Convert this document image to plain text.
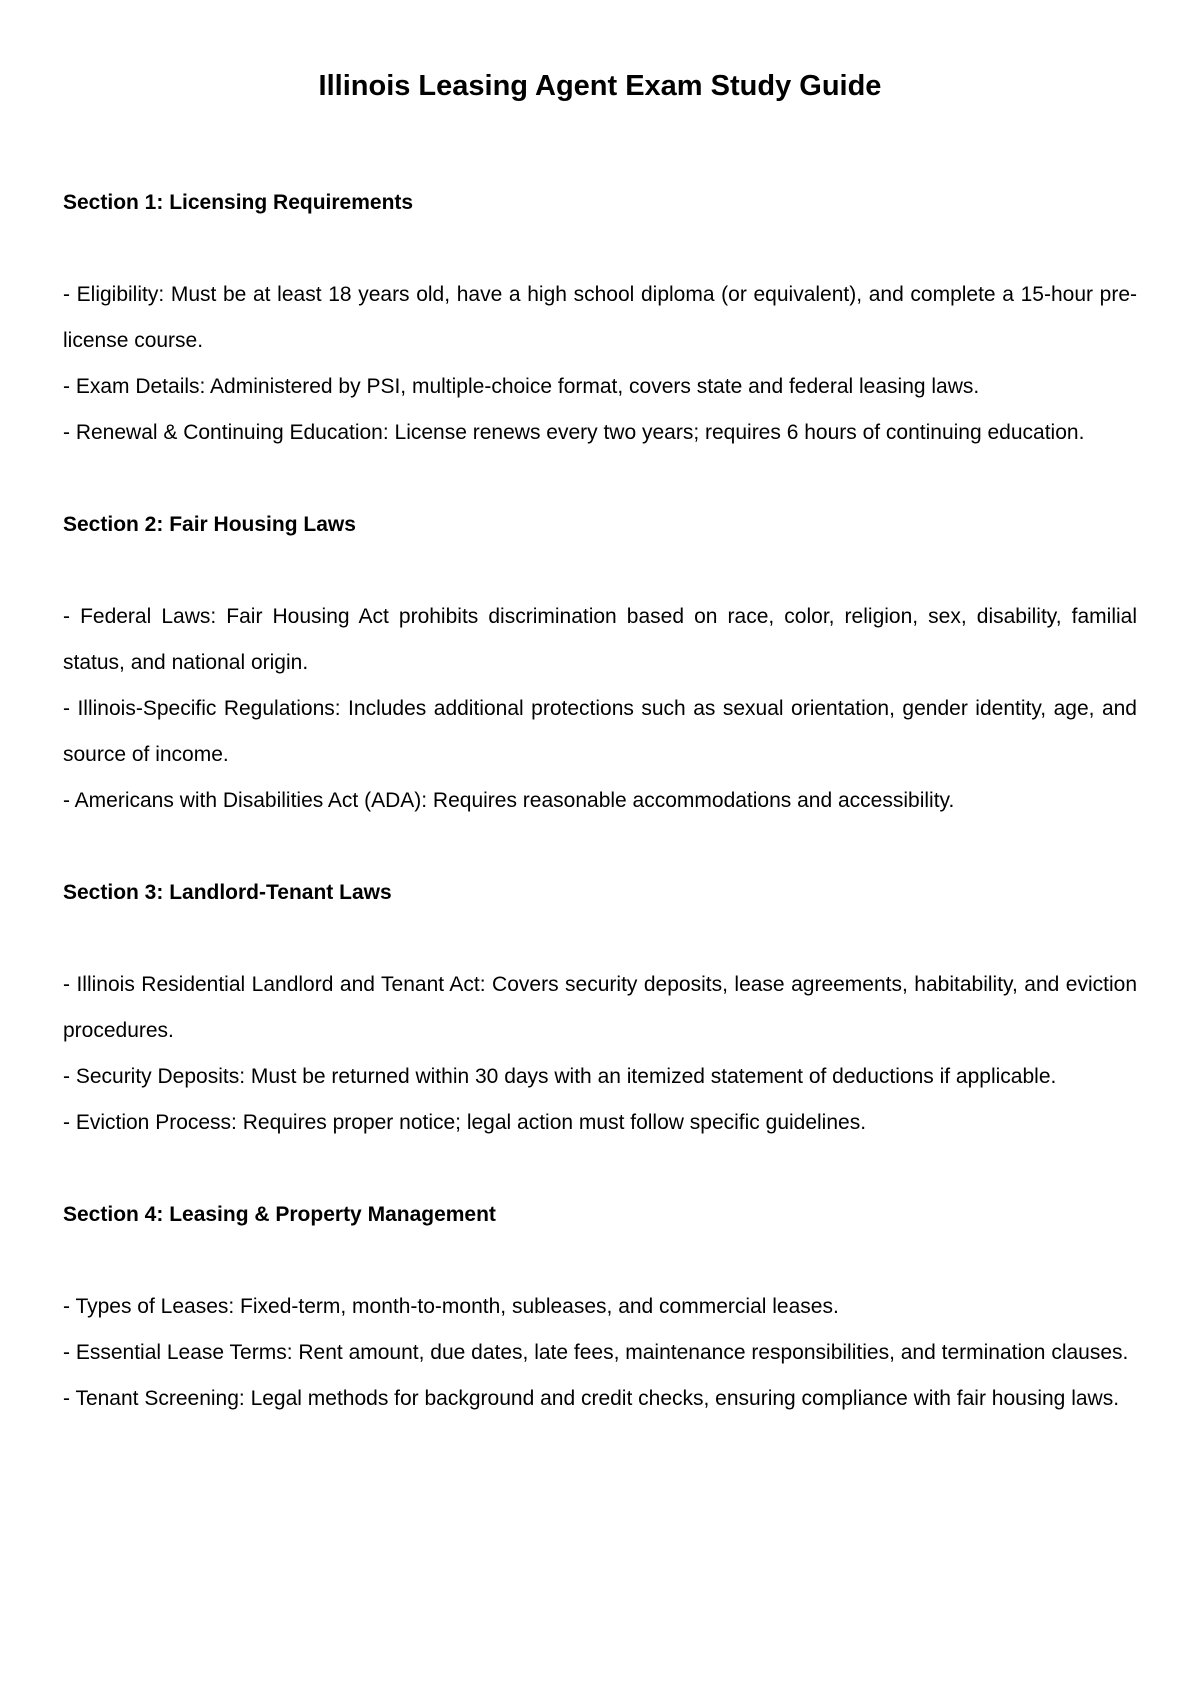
Illinois Leasing Agent Exam Study Guide
Section 1: Licensing Requirements

- Eligibility: Must be at least 18 years old, have a high school diploma (or equivalent), and complete a 15-hour pre-license course.

- Exam Details: Administered by PSI, multiple-choice format, covers state and federal leasing laws.

- Renewal & Continuing Education: License renews every two years; requires 6 hours of continuing education.

Section 2: Fair Housing Laws

- Federal Laws: Fair Housing Act prohibits discrimination based on race, color, religion, sex, disability, familial status, and national origin.

- Illinois-Specific Regulations: Includes additional protections such as sexual orientation, gender identity, age, and source of income.

- Americans with Disabilities Act (ADA): Requires reasonable accommodations and accessibility.

Section 3: Landlord-Tenant Laws

- Illinois Residential Landlord and Tenant Act: Covers security deposits, lease agreements, habitability, and eviction procedures.

- Security Deposits: Must be returned within 30 days with an itemized statement of deductions if applicable.

- Eviction Process: Requires proper notice; legal action must follow specific guidelines.

Section 4: Leasing & Property Management

- Types of Leases: Fixed-term, month-to-month, subleases, and commercial leases.

- Essential Lease Terms: Rent amount, due dates, late fees, maintenance responsibilities, and termination clauses.

- Tenant Screening: Legal methods for background and credit checks, ensuring compliance with fair housing laws.
